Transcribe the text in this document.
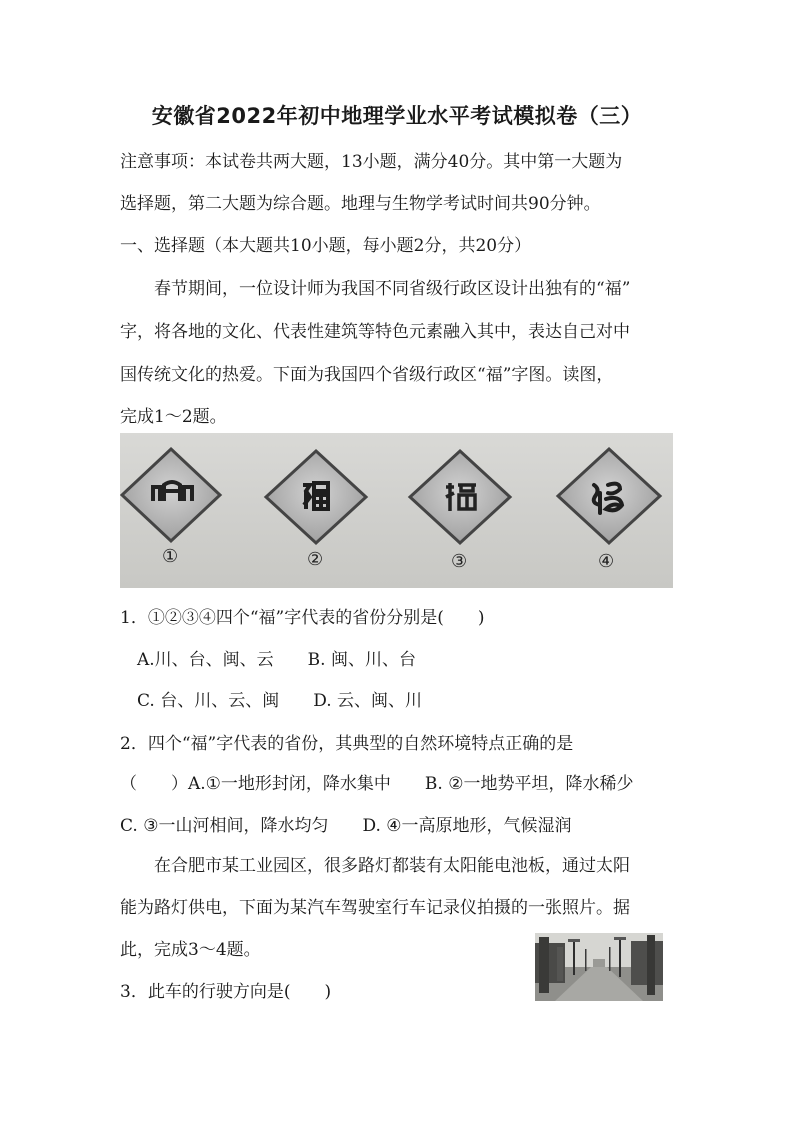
安徽省2022年初中地理学业水平考试模拟卷（三）
注意事项：本试卷共两大题，13小题，满分40分。其中第一大题为
选择题，第二大题为综合题。地理与生物学考试时间共90分钟。
一、选择题（本大题共10小题，每小题2分，共20分）
春节期间，一位设计师为我国不同省级行政区设计出独有的“福”
字，将各地的文化、代表性建筑等特色元素融入其中，表达自己对中
国传统文化的热爱。下面为我国四个省级行政区“福”字图。读图，
完成1～2题。
①	②	③	④
1．①②③④四个“福”字代表的省份分别是(　　)
A.川、台、闽、云　　B. 闽、川、台
C. 台、川、云、闽　　D. 云、闽、川
2．四个“福”字代表的省份，其典型的自然环境特点正确的是
（　　）A.①一地形封闭，降水集中　　B. ②一地势平坦，降水稀少
C. ③一山河相间，降水均匀　　D. ④一高原地形，气候湿润
在合肥市某工业园区，很多路灯都装有太阳能电池板，通过太阳
能为路灯供电，下面为某汽车驾驶室行车记录仪拍摄的一张照片。据
此，完成3～4题。
3．此车的行驶方向是(　　)
